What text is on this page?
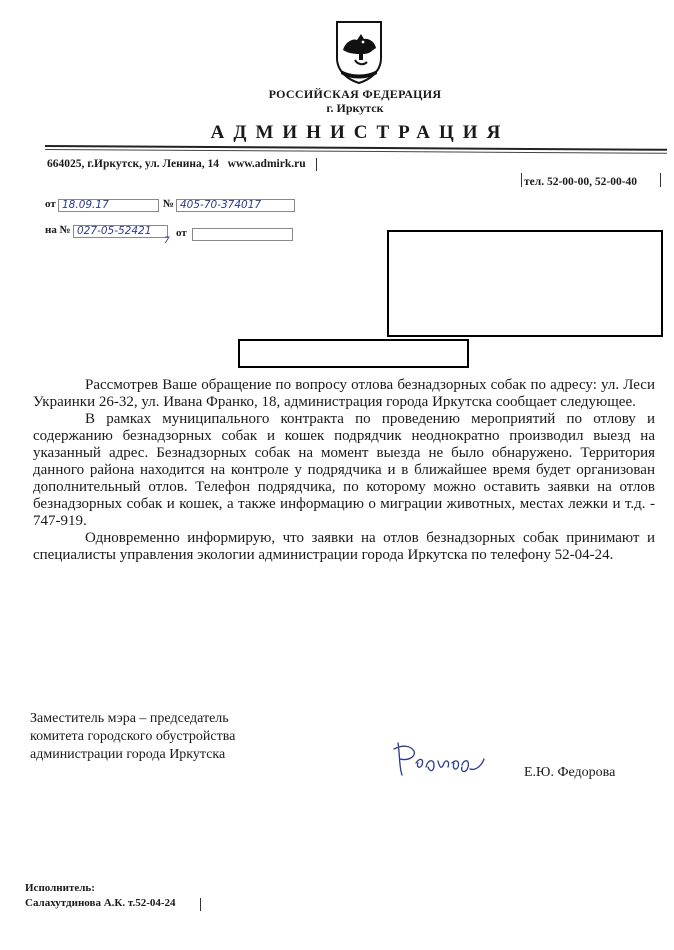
РОССИЙСКАЯ ФЕДЕРАЦИЯ
г. Иркутск
АДМИНИСТРАЦИЯ
664025, г.Иркутск, ул. Ленина, 14 www.admirk.ru
тел. 52-00-00, 52-00-40
от 18.09.17	№ 405-70-374017
на № 027-05-52421
7
от

Рассмотрев Ваше обращение по вопросу отлова безнадзорных собак по адресу: ул. Леси Украинки 26-32, ул. Ивана Франко, 18, администрация города Иркутска сообщает следующее.

В рамках муниципального контракта по проведению мероприятий по отлову и содержанию безнадзорных собак и кошек подрядчик неоднократно производил выезд на указанный адрес. Безнадзорных собак на момент выезда не было обнаружено. Территория данного района находится на контроле у подрядчика и в ближайшее время будет организован дополнительный отлов. Телефон подрядчика, по которому можно оставить заявки на отлов безнадзорных собак и кошек, а также информацию о миграции животных, местах лежки и т.д. - 747-919.

Одновременно информирую, что заявки на отлов безнадзорных собак принимают и специалисты управления экологии администрации города Иркутска по телефону 52-04-24.

Заместитель мэра – председатель
комитета городского обустройства
администрации города Иркутска
Е.Ю. Федорова
Исполнитель:
Салахутдинова А.К. т.52-04-24
